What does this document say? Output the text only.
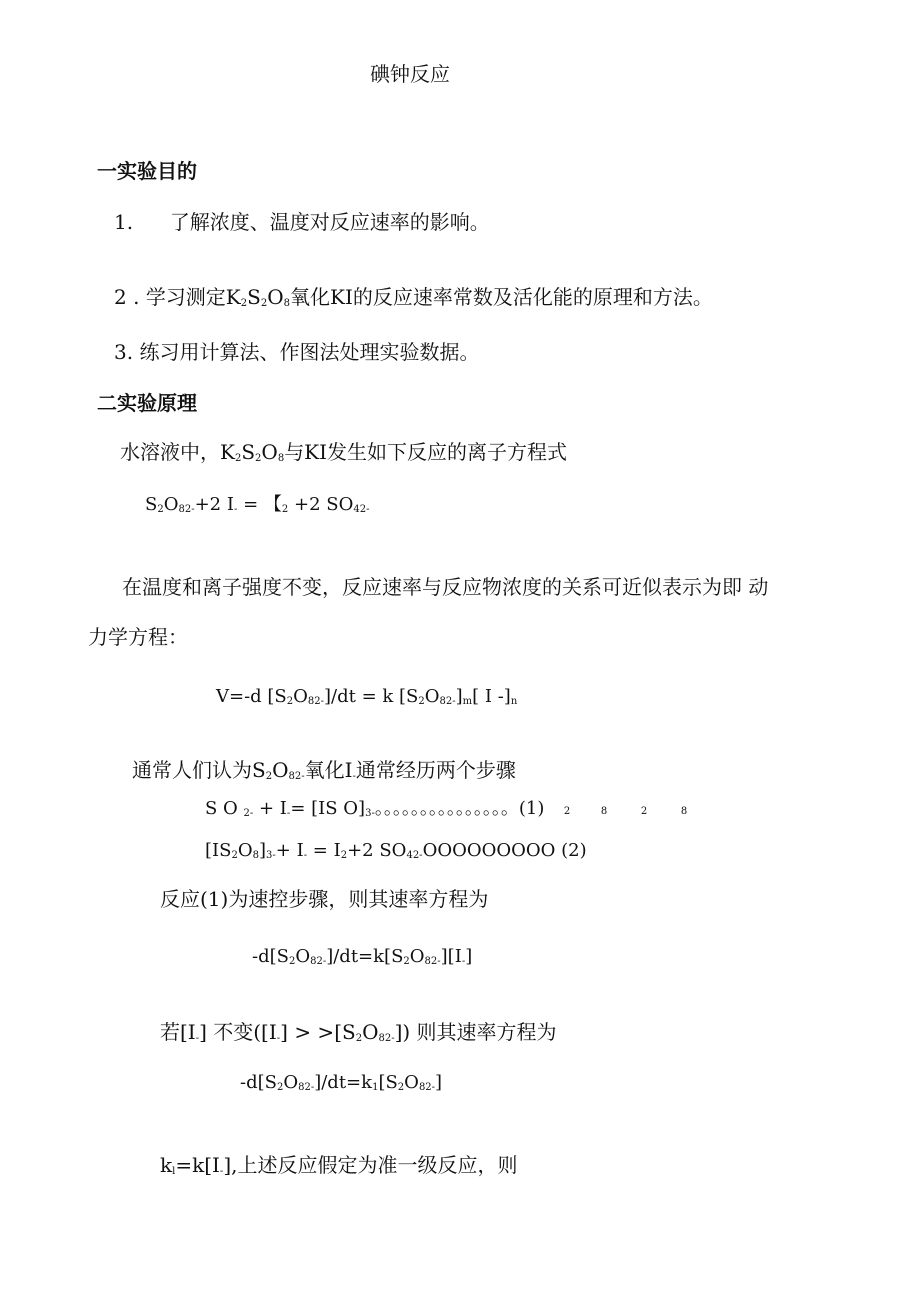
碘钟反应
一实验目的
1. 了解浓度、温度对反应速率的影响。
2 . 学习测定$K_2S_2O_8$氧化KI的反应速率常数及活化能的原理和方法。
3. 练习用计算法、作图法处理实验数据。
二实验原理
水溶液中，$K_2S_2O_8$与KI发生如下反应的离子方程式
$S_2O_{82-}+2$ $I_-$ = 【$_2$ +2 $SO_{42-}$
在温度和离子强度不变，反应速率与反应物浓度的关系可近似表示为即 动
力学方程：
V=-d $[S_2O_{82-}]/dt = k$ $[S_2O_{82-}]_m$[ I $-]_n$
通常人们认为$S_2O_{82-}$氧化$I_-$通常经历两个步骤
S O $_{2-} + I_-= [IS$ $O]_{3-}$。。。。。。。。。。。。。。。(1) 2	8	2	8
$[IS_2O_8]_{3-}+ I_- = I_2+2$ $SO_{42-}OOOOOOOOO$ (2)
反应(1)为速控步骤，则其速率方程为
$-d[S_2O_{82-}]/dt=k[S_2O_{82-}][I_-]$
若$[I_-]$ 不变$([I_-] > >[S_2O_{82-}])$ 则其速率方程为
$-d[S_2O_{82-}]/dt=k_1[S_2O_{82-}]$
$k_l=k[I_-]$,上述反应假定为准一级反应，则
